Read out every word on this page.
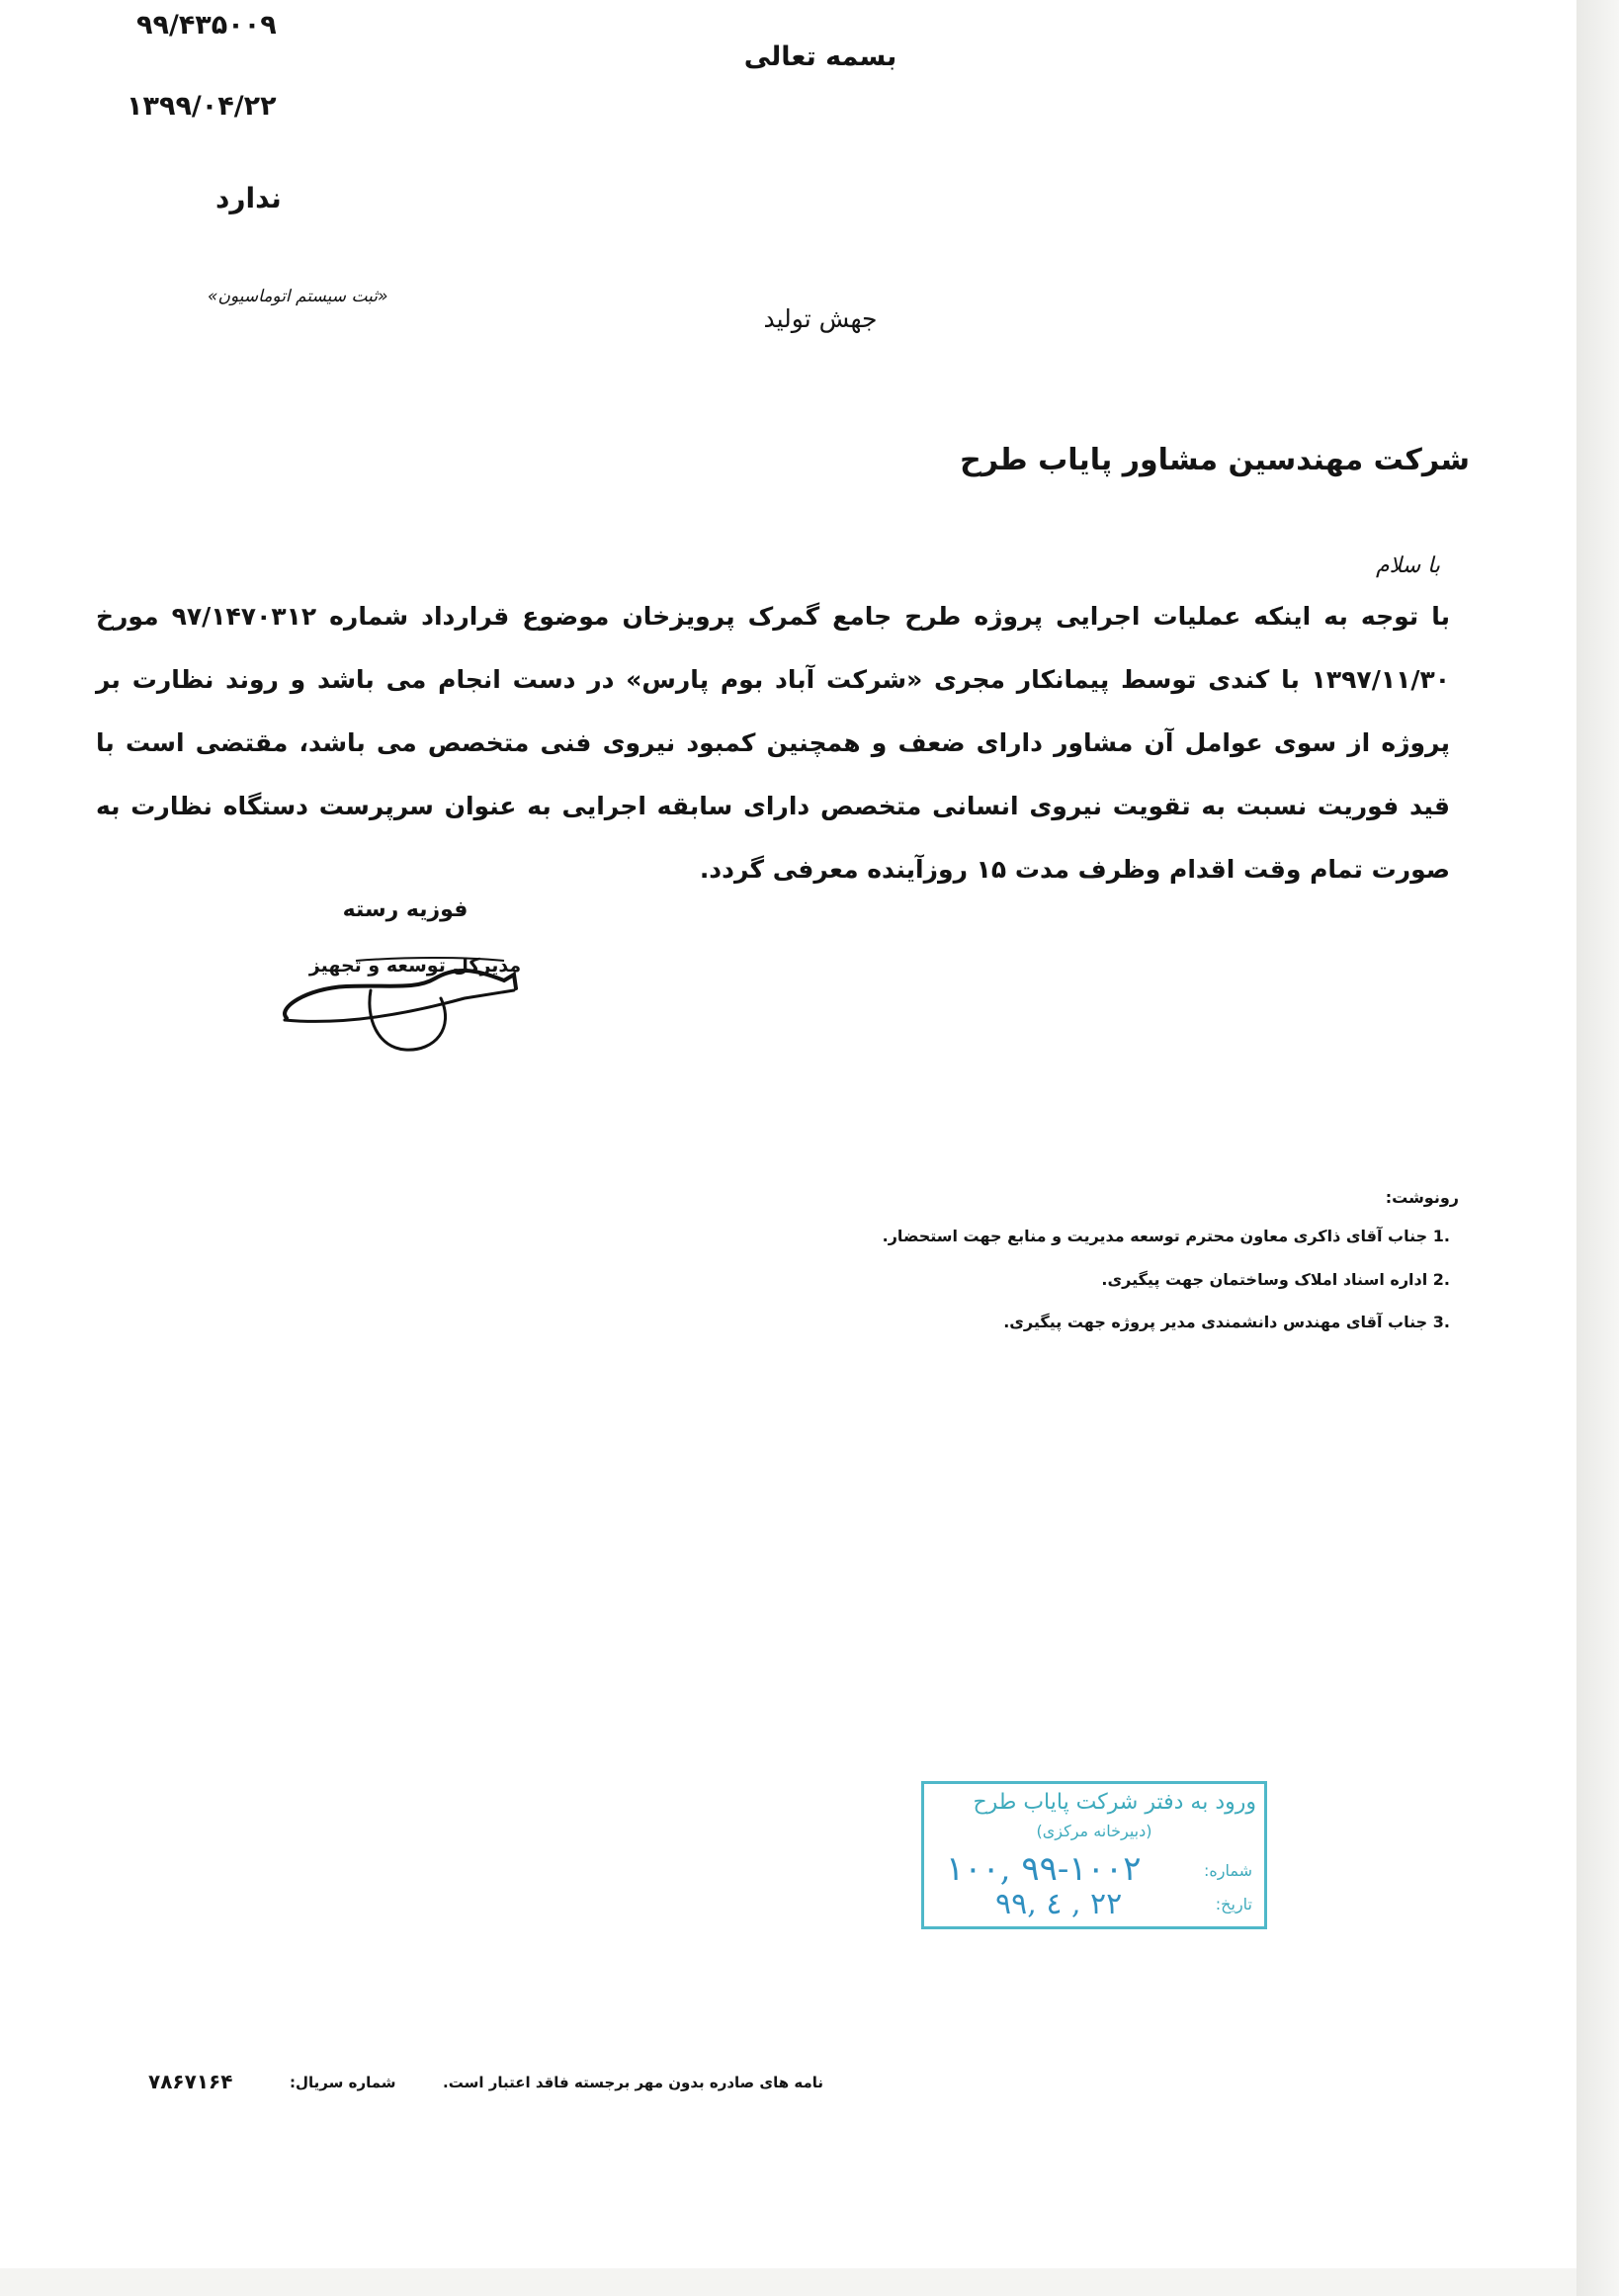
۹۹/۴۳۵۰۰۹
۱۳۹۹/۰۴/۲۲
ندارد
«ثبت سیستم اتوماسیون»
بسمه تعالی
جهش تولید
شرکت مهندسین مشاور پایاب طرح
با سلام
با توجه به اینکه عملیات اجرایی پروژه طرح جامع گمرک پرویزخان موضوع قرارداد شماره ۹۷/۱۴۷۰۳۱۲ مورخ ۱۳۹۷/۱۱/۳۰ با کندی توسط پیمانکار مجری «شرکت آباد بوم پارس» در دست انجام می باشد و روند نظارت بر پروژه از سوی عوامل آن مشاور دارای ضعف و همچنین کمبود نیروی فنی متخصص می باشد، مقتضی است با قید فوریت نسبت به تقویت نیروی انسانی متخصص دارای سابقه اجرایی به عنوان سرپرست دستگاه نظارت به صورت تمام وقت اقدام وظرف مدت ۱۵ روزآینده معرفی گردد.
فوزیه رسته
مدیرکل توسعه و تجهیز
رونوشت:
.1 جناب آقای ذاکری معاون محترم توسعه مدیریت و منابع جهت استحضار.
.2 اداره اسناد املاک وساختمان جهت پیگیری.
.3 جناب آقای مهندس دانشمندی مدیر پروژه جهت پیگیری.
ورود به دفتر شرکت پایاب طرح
(دبیرخانه مرکزی)
شماره:
۱۰۰, ۹۹-۱۰۰۲
تاریخ:
۹۹, ٤ , ۲۲
نامه های صادره بدون مهر برجسته فاقد اعتبار است.
شماره سریال:
۷۸۶۷۱۶۴
